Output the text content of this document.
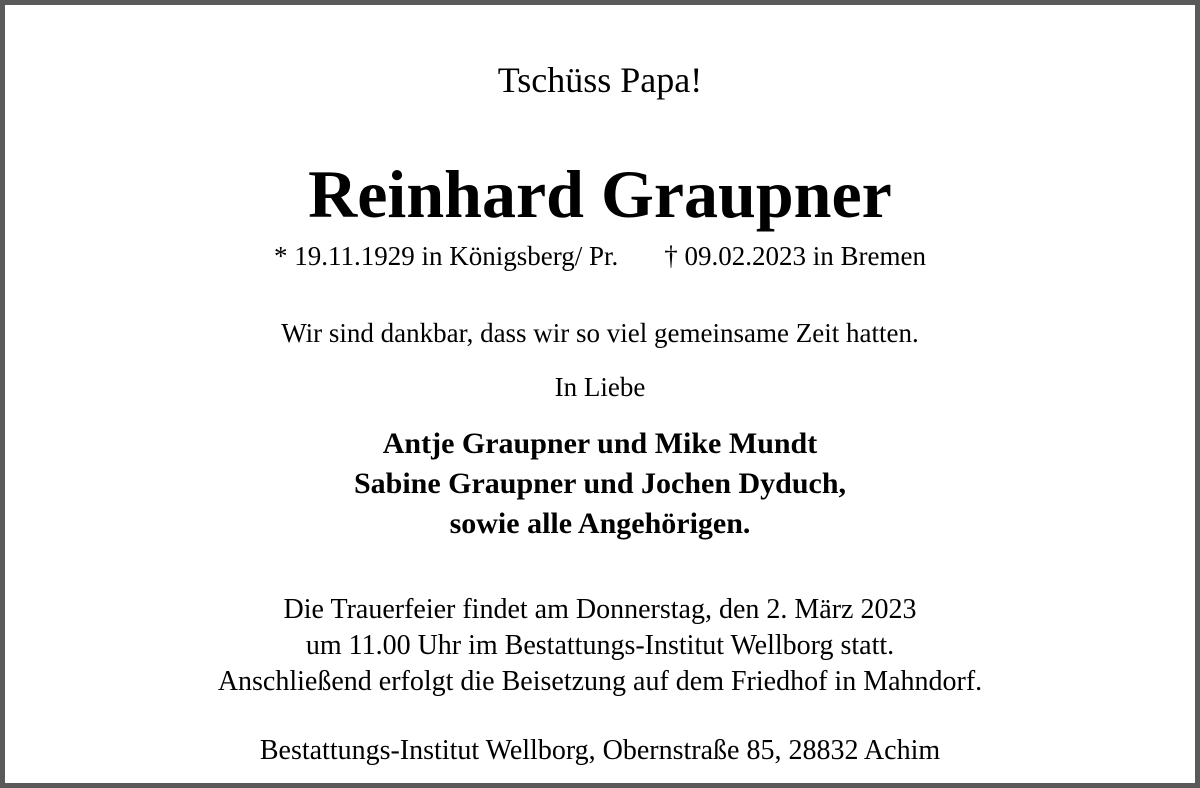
Tschüss Papa!
Reinhard Graupner
* 19.11.1929 in Königsberg/ Pr. † 09.02.2023 in Bremen
Wir sind dankbar, dass wir so viel gemeinsame Zeit hatten.
In Liebe
Antje Graupner und Mike Mundt
Sabine Graupner und Jochen Dyduch,
sowie alle Angehörigen.
Die Trauerfeier findet am Donnerstag, den 2. März 2023
um 11.00 Uhr im Bestattungs-Institut Wellborg statt.
Anschließend erfolgt die Beisetzung auf dem Friedhof in Mahndorf.
Bestattungs-Institut Wellborg, Obernstraße 85, 28832 Achim
